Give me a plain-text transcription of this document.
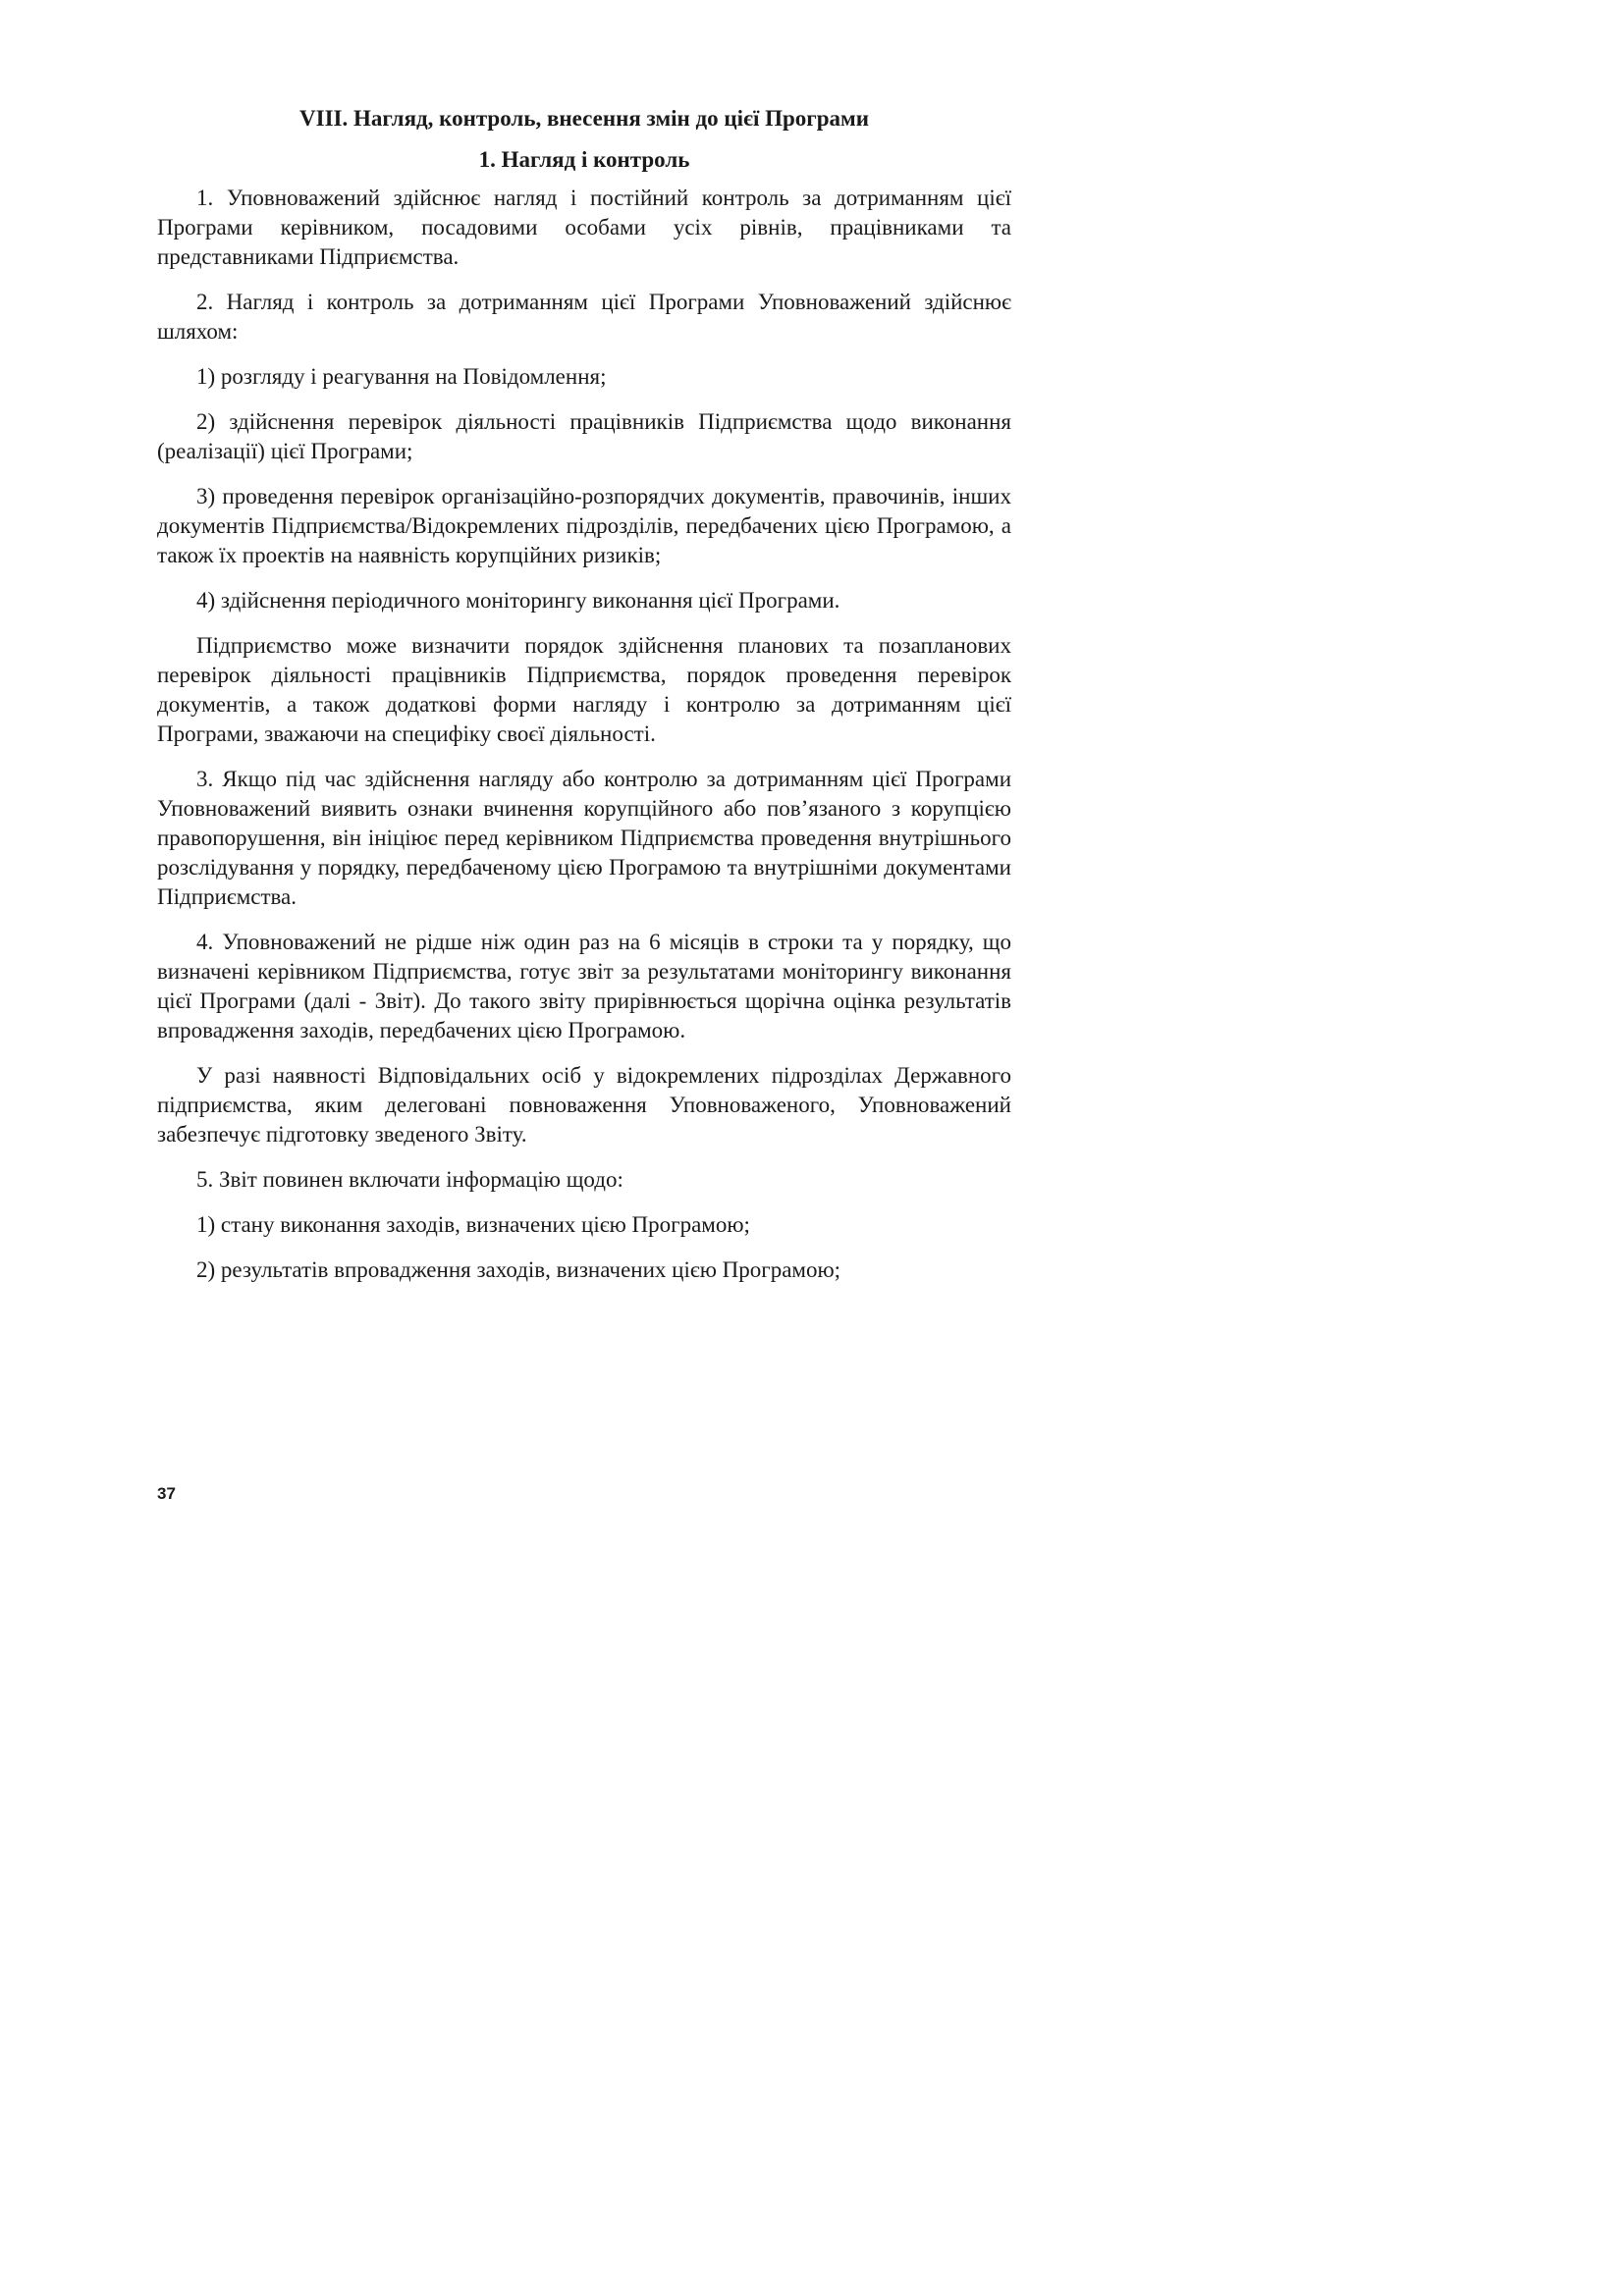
VIII. Нагляд, контроль, внесення змін до цієї Програми
1. Нагляд і контроль

1. Уповноважений здійснює нагляд і постійний контроль за дотриманням цієї Програми керівником, посадовими особами усіх рівнів, працівниками та представниками Підприємства.

2. Нагляд і контроль за дотриманням цієї Програми Уповноважений здійснює шляхом:

1) розгляду і реагування на Повідомлення;

2) здійснення перевірок діяльності працівників Підприємства щодо виконання (реалізації) цієї Програми;

3) проведення перевірок організаційно-розпорядчих документів, правочинів, інших документів Підприємства/Відокремлених підрозділів, передбачених цією Програмою, а також їх проектів на наявність корупційних ризиків;

4) здійснення періодичного моніторингу виконання цієї Програми.

Підприємство може визначити порядок здійснення планових та позапланових перевірок діяльності працівників Підприємства, порядок проведення перевірок документів, а також додаткові форми нагляду і контролю за дотриманням цієї Програми, зважаючи на специфіку своєї діяльності.

3. Якщо під час здійснення нагляду або контролю за дотриманням цієї Програми Уповноважений виявить ознаки вчинення корупційного або пов’язаного з корупцією правопорушення, він ініціює перед керівником Підприємства проведення внутрішнього розслідування у порядку, передбаченому цією Програмою та внутрішніми документами Підприємства.

4. Уповноважений не рідше ніж один раз на 6 місяців в строки та у порядку, що визначені керівником Підприємства, готує звіт за результатами моніторингу виконання цієї Програми (далі - Звіт). До такого звіту прирівнюється щорічна оцінка результатів впровадження заходів, передбачених цією Програмою.

У разі наявності Відповідальних осіб у відокремлених підрозділах Державного підприємства, яким делеговані повноваження Уповноваженого, Уповноважений забезпечує підготовку зведеного Звіту.

5. Звіт повинен включати інформацію щодо:

1) стану виконання заходів, визначених цією Програмою;

2) результатів впровадження заходів, визначених цією Програмою;

37
